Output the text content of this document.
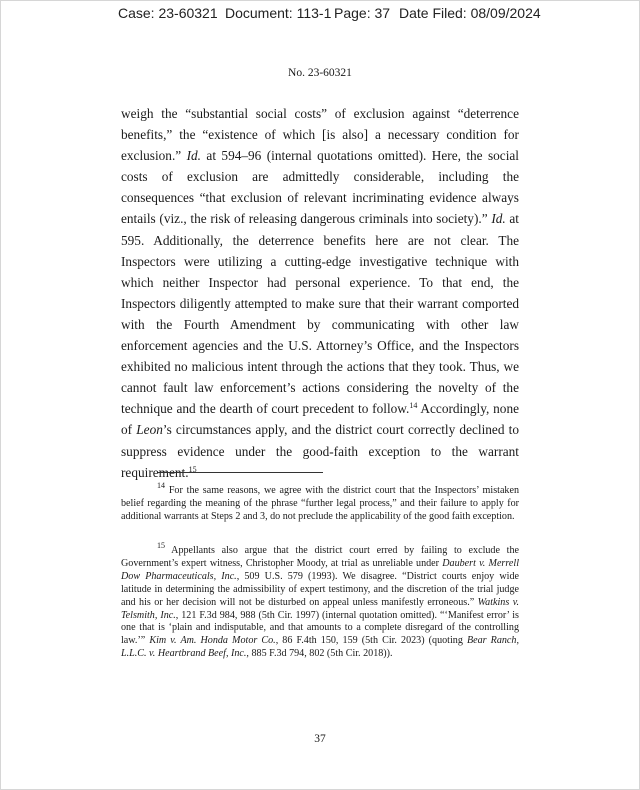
Case: 23-60321 Document: 113-1 Page: 37 Date Filed: 08/09/2024
No. 23-60321

weigh the “substantial social costs” of exclusion against “deterrence benefits,” the “existence of which [is also] a necessary condition for exclusion.” Id. at 594–96 (internal quotations omitted). Here, the social costs of exclusion are admittedly considerable, including the consequences “that exclusion of relevant incriminating evidence always entails (viz., the risk of releasing dangerous criminals into society).” Id. at 595. Additionally, the deterrence benefits here are not clear. The Inspectors were utilizing a cutting-edge investigative technique with which neither Inspector had personal experience. To that end, the Inspectors diligently attempted to make sure that their warrant comported with the Fourth Amendment by communicating with other law enforcement agencies and the U.S. Attorney’s Office, and the Inspectors exhibited no malicious intent through the actions that they took. Thus, we cannot fault law enforcement’s actions considering the novelty of the technique and the dearth of court precedent to follow.$^{14}$ Accordingly, none of Leon’s circumstances apply, and the district court correctly declined to suppress evidence under the good-faith exception to the warrant requirement.$^{15}$

$^{14}$ For the same reasons, we agree with the district court that the Inspectors’ mistaken belief regarding the meaning of the phrase “further legal process,” and their failure to apply for additional warrants at Steps 2 and 3, do not preclude the applicability of the good faith exception.

$^{15}$ Appellants also argue that the district court erred by failing to exclude the Government’s expert witness, Christopher Moody, at trial as unreliable under Daubert v. Merrell Dow Pharmaceuticals, Inc., 509 U.S. 579 (1993). We disagree. “District courts enjoy wide latitude in determining the admissibility of expert testimony, and the discretion of the trial judge and his or her decision will not be disturbed on appeal unless manifestly erroneous.” Watkins v. Telsmith, Inc., 121 F.3d 984, 988 (5th Cir. 1997) (internal quotation omitted). “‘Manifest error’ is one that is ‘plain and indisputable, and that amounts to a complete disregard of the controlling law.’” Kim v. Am. Honda Motor Co., 86 F.4th 150, 159 (5th Cir. 2023) (quoting Bear Ranch, L.L.C. v. Heartbrand Beef, Inc., 885 F.3d 794, 802 (5th Cir. 2018)).

37
